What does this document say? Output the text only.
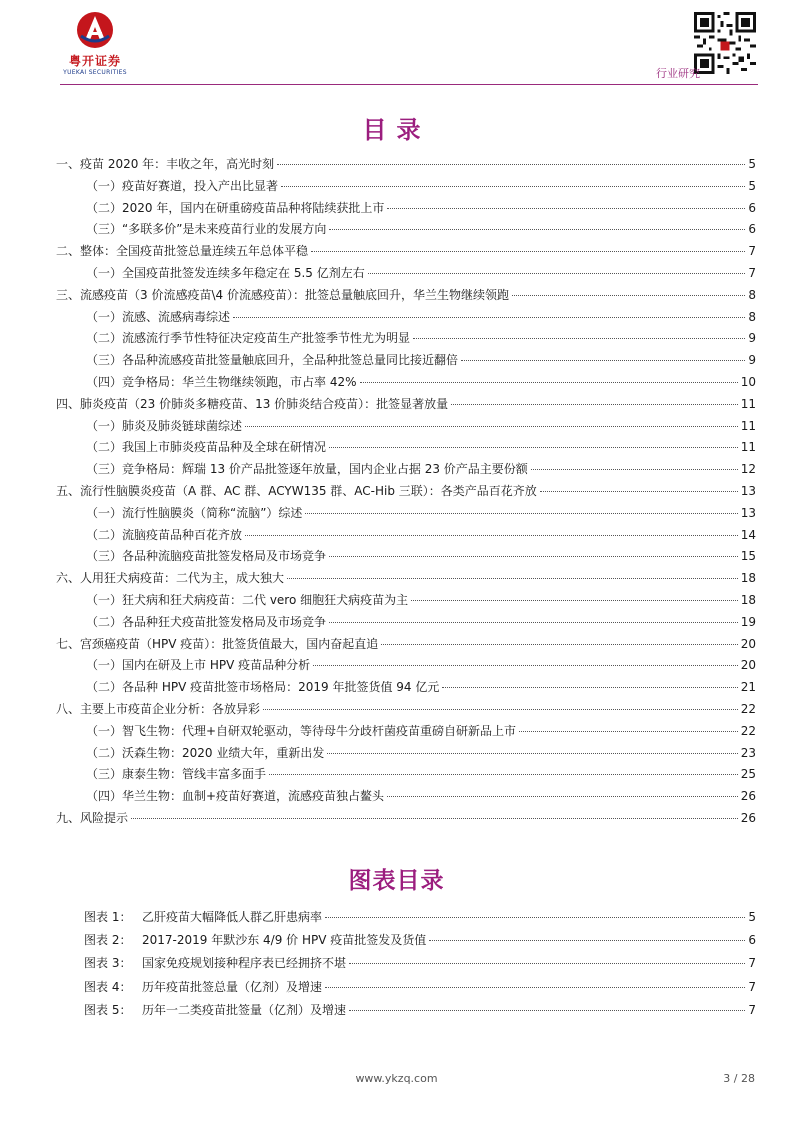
粤开证券
YUEKAI SECURITIES	行业研究
目录
一、疫苗 2020 年：丰收之年，高光时刻	5
（一）疫苗好赛道，投入产出比显著	5
（二）2020 年，国内在研重磅疫苗品种将陆续获批上市	6
（三）“多联多价”是未来疫苗行业的发展方向	6
二、整体：全国疫苗批签总量连续五年总体平稳	7
（一）全国疫苗批签发连续多年稳定在 5.5 亿剂左右	7
三、流感疫苗（3 价流感疫苗\4 价流感疫苗）：批签总量触底回升，华兰生物继续领跑	8
（一）流感、流感病毒综述	8
（二）流感流行季节性特征决定疫苗生产批签季节性尤为明显	9
（三）各品种流感疫苗批签量触底回升，全品种批签总量同比接近翻倍	9
（四）竞争格局：华兰生物继续领跑，市占率 42%	10
四、肺炎疫苗（23 价肺炎多糖疫苗、13 价肺炎结合疫苗）：批签显著放量	11
（一）肺炎及肺炎链球菌综述	11
（二）我国上市肺炎疫苗品种及全球在研情况	11
（三）竞争格局：辉瑞 13 价产品批签逐年放量，国内企业占据 23 价产品主要份额	12
五、流行性脑膜炎疫苗（A 群、AC 群、ACYW135 群、AC-Hib 三联）：各类产品百花齐放	13
（一）流行性脑膜炎（简称“流脑”）综述	13
（二）流脑疫苗品种百花齐放	14
（三）各品种流脑疫苗批签发格局及市场竞争	15
六、人用狂犬病疫苗：二代为主，成大独大	18
（一）狂犬病和狂犬病疫苗：二代 vero 细胞狂犬病疫苗为主	18
（二）各品种狂犬疫苗批签发格局及市场竞争	19
七、宫颈癌疫苗（HPV 疫苗）：批签货值最大，国内奋起直追	20
（一）国内在研及上市 HPV 疫苗品种分析	20
（二）各品种 HPV 疫苗批签市场格局：2019 年批签货值 94 亿元	21
八、主要上市疫苗企业分析：各放异彩	22
（一）智飞生物：代理+自研双轮驱动，等待母牛分歧杆菌疫苗重磅自研新品上市	22
（二）沃森生物：2020 业绩大年，重新出发	23
（三）康泰生物：管线丰富多面手	25
（四）华兰生物：血制+疫苗好赛道，流感疫苗独占鳌头	26
九、风险提示	26
图表目录
图表 1： 乙肝疫苗大幅降低人群乙肝患病率	5
图表 2： 2017-2019 年默沙东 4/9 价 HPV 疫苗批签发及货值	6
图表 3： 国家免疫规划接种程序表已经拥挤不堪	7
图表 4： 历年疫苗批签总量（亿剂）及增速	7
图表 5： 历年一二类疫苗批签量（亿剂）及增速	7
www.ykzq.com	3 / 28
